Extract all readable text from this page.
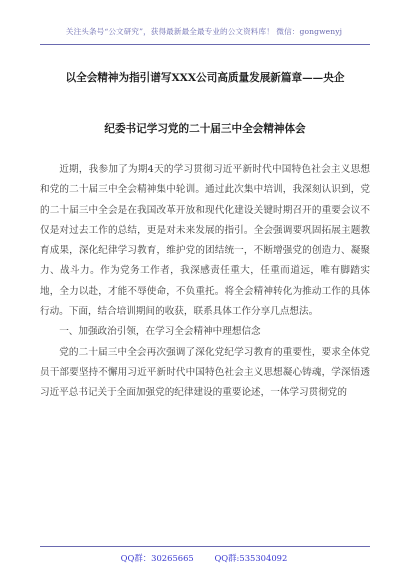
关注头条号“公文研究”，获得最新最全最专业的公文资料库！ 微信：gongwenyj
以全会精神为指引谱写XXX公司高质量发展新篇章——央企
纪委书记学习党的二十届三中全会精神体会

近期，我参加了为期4天的学习贯彻习近平新时代中国特色社会主义思想和党的二十届三中全会精神集中轮训。通过此次集中培训，我深刻认识到，党的二十届三中全会是在我国改革开放和现代化建设关键时期召开的重要会议不仅是对过去工作的总结，更是对未来发展的指引。全会强调要巩固拓展主题教育成果，深化纪律学习教育，维护党的团结统一，不断增强党的创造力、凝聚力、战斗力。作为党务工作者，我深感责任重大，任重而道远，唯有脚踏实地，全力以赴，才能不辱使命，不负重托。将全会精神转化为推动工作的具体行动。下面，结合培训期间的收获，联系具体工作分享几点想法。

一、加强政治引领，在学习全会精神中理想信念

党的二十届三中全会再次强调了深化党纪学习教育的重要性，要求全体党员干部要坚持不懈用习近平新时代中国特色社会主义思想凝心铸魂，学深悟透习近平总书记关于全面加强党的纪律建设的重要论述，一体学习贯彻党的

QQ群：30265665 QQ群:535304092
